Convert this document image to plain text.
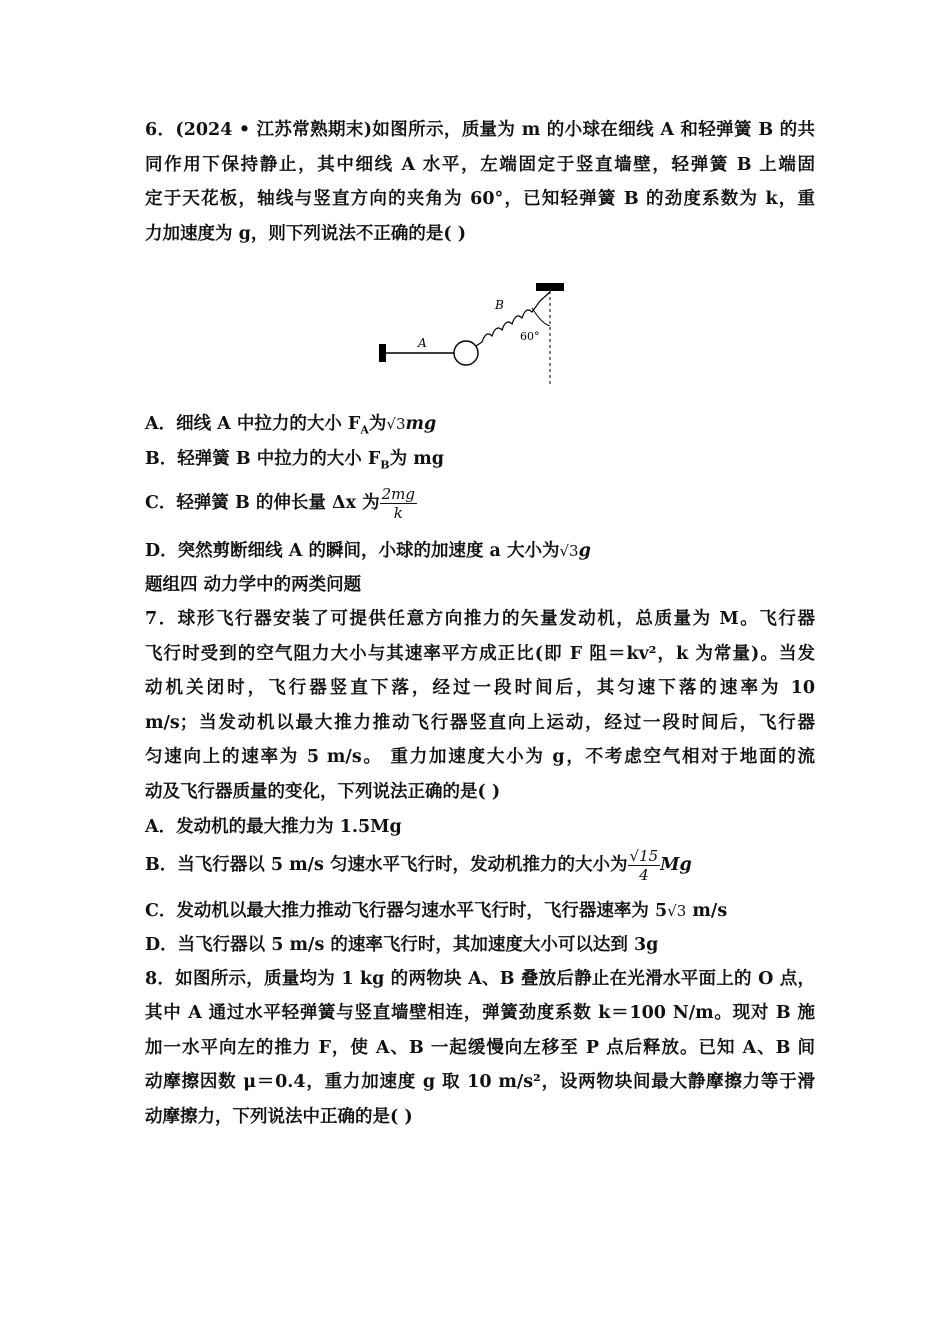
6．(2024 • 江苏常熟期末)如图所示，质量为 m 的小球在细线 A 和轻弹簧 B 的共
同作用下保持静止，其中细线 A 水平，左端固定于竖直墙壁，轻弹簧 B 上端固
定于天花板，轴线与竖直方向的夹角为 60°，已知轻弹簧 B 的劲度系数为 k，重
力加速度为 g，则下列说法不正确的是( )
A
B
60°
A．细线 A 中拉力的大小 $F_A$为√3mg
B．轻弹簧 B 中拉力的大小 $F_B$为 mg
C．轻弹簧 B 的伸长量 Δx 为 $\frac{2mg}{k}$
D．突然剪断细线 A 的瞬间，小球的加速度 a 大小为√3g
题组四 动力学中的两类问题
7．球形飞行器安装了可提供任意方向推力的矢量发动机，总质量为 M。飞行器
飞行时受到的空气阻力大小与其速率平方成正比(即 F 阻＝kv²，k 为常量)。当发
动机关闭时，飞行器竖直下落，经过一段时间后，其匀速下落的速率为 10
m/s；当发动机以最大推力推动飞行器竖直向上运动，经过一段时间后，飞行器
匀速向上的速率为 5 m/s。 重力加速度大小为 g，不考虑空气相对于地面的流
动及飞行器质量的变化，下列说法正确的是( )
A．发动机的最大推力为 1.5Mg
B．当飞行器以 5 m/s 匀速水平飞行时，发动机推力的大小为 $\frac{√15}{4}$ Mg
C．发动机以最大推力推动飞行器匀速水平飞行时，飞行器速率为 5√3 m/s
D．当飞行器以 5 m/s 的速率飞行时，其加速度大小可以达到 3g
8．如图所示，质量均为 1 kg 的两物块 A、B 叠放后静止在光滑水平面上的 O 点，
其中 A 通过水平轻弹簧与竖直墙壁相连，弹簧劲度系数 k＝100 N/m。现对 B 施
加一水平向左的推力 F，使 A、B 一起缓慢向左移至 P 点后释放。已知 A、B 间
动摩擦因数 μ＝0.4，重力加速度 g 取 10 m/s²，设两物块间最大静摩擦力等于滑
动摩擦力，下列说法中正确的是( )
